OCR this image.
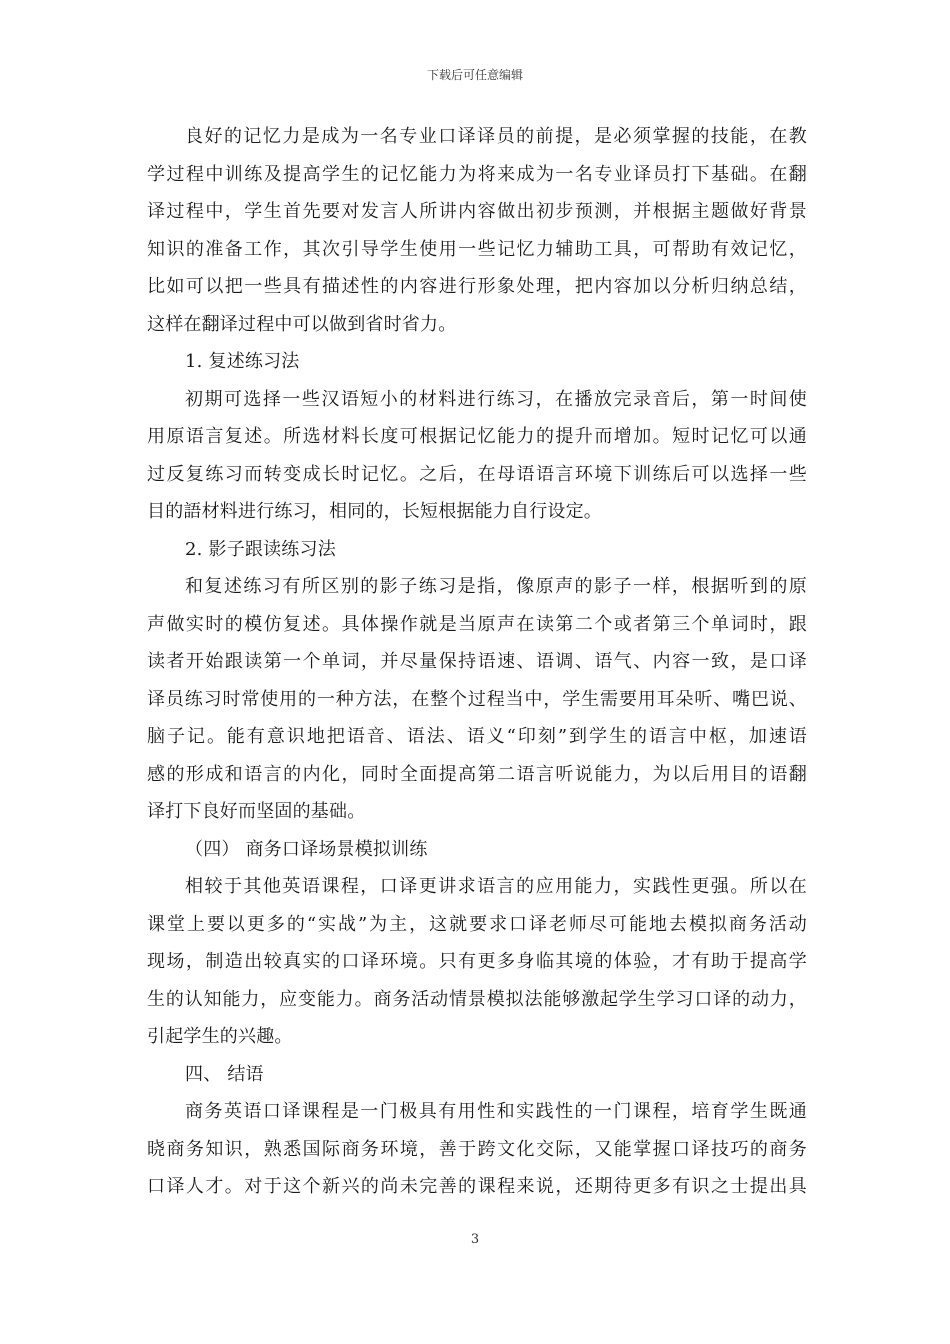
下载后可任意编辑
良好的记忆力是成为一名专业口译译员的前提，是必须掌握的技能，在教
学过程中训练及提高学生的记忆能力为将来成为一名专业译员打下基础。在翻
译过程中，学生首先要对发言人所讲内容做出初步预测，并根据主题做好背景
知识的准备工作，其次引导学生使用一些记忆力辅助工具，可帮助有效记忆，
比如可以把一些具有描述性的内容进行形象处理，把内容加以分析归纳总结，
这样在翻译过程中可以做到省时省力。
1. 复述练习法
初期可选择一些汉语短小的材料进行练习，在播放完录音后，第一时间使
用原语言复述。所选材料长度可根据记忆能力的提升而增加。短时记忆可以通
过反复练习而转变成长时记忆。之后，在母语语言环境下训练后可以选择一些
目的語材料进行练习，相同的，长短根据能力自行设定。
2. 影子跟读练习法
和复述练习有所区别的影子练习是指，像原声的影子一样，根据听到的原
声做实时的模仿复述。具体操作就是当原声在读第二个或者第三个单词时，跟
读者开始跟读第一个单词，并尽量保持语速、语调、语气、内容一致，是口译
译员练习时常使用的一种方法，在整个过程当中，学生需要用耳朵听、嘴巴说、
脑子记。能有意识地把语音、语法、语义“印刻”到学生的语言中枢，加速语
感的形成和语言的内化，同时全面提高第二语言听说能力，为以后用目的语翻
译打下良好而坚固的基础。
（四） 商务口译场景模拟训练
相较于其他英语课程，口译更讲求语言的应用能力，实践性更强。所以在
课堂上要以更多的“实战”为主，这就要求口译老师尽可能地去模拟商务活动
现场，制造出较真实的口译环境。只有更多身临其境的体验，才有助于提高学
生的认知能力，应变能力。商务活动情景模拟法能够激起学生学习口译的动力，
引起学生的兴趣。
四、 结语
商务英语口译课程是一门极具有用性和实践性的一门课程，培育学生既通
晓商务知识，熟悉国际商务环境，善于跨文化交际，又能掌握口译技巧的商务
口译人才。对于这个新兴的尚未完善的课程来说，还期待更多有识之士提出具
3
